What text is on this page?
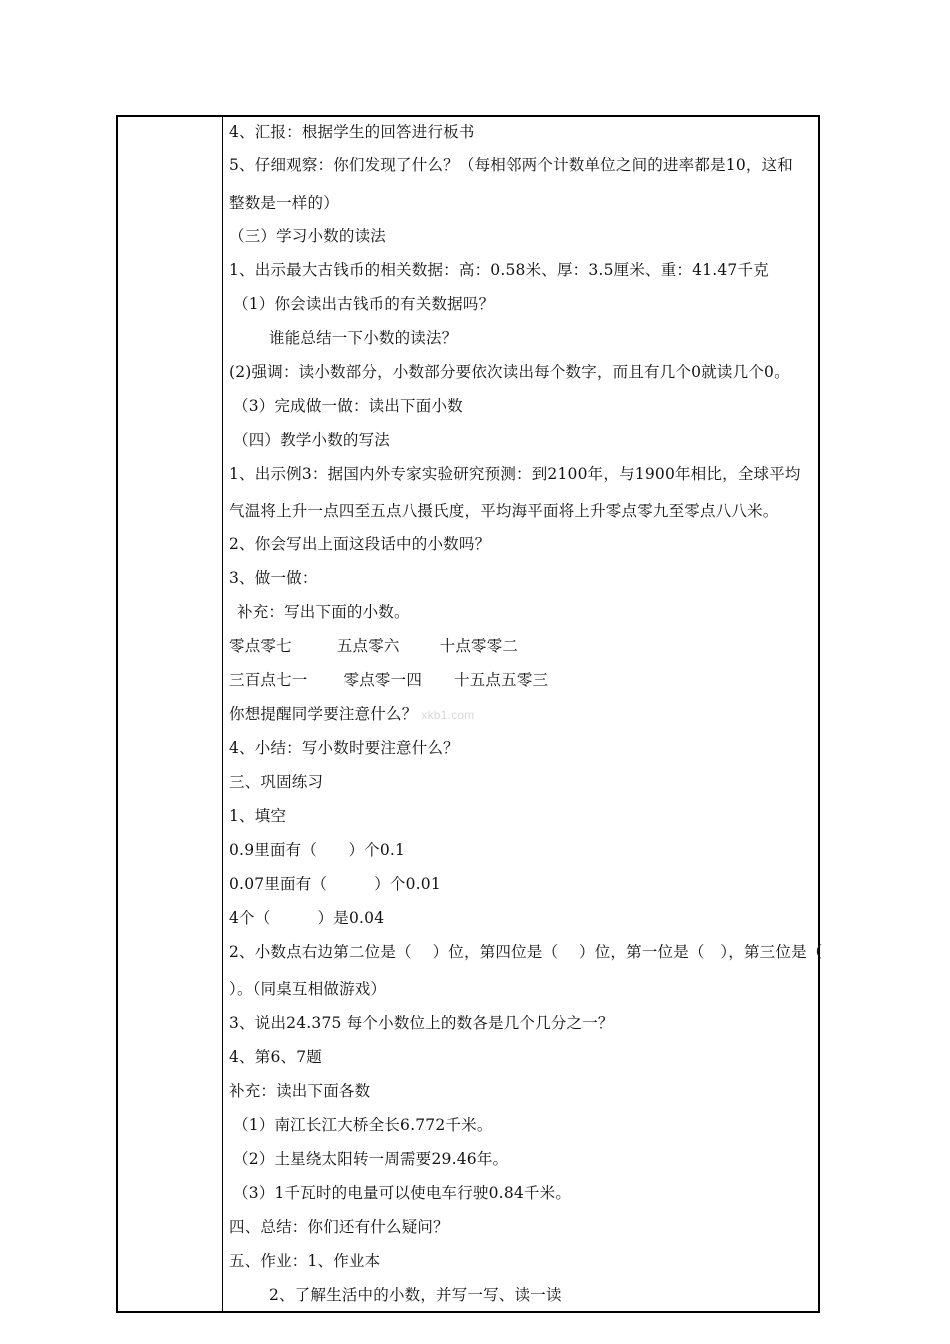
4、汇报：根据学生的回答进行板书
5、仔细观察：你们发现了什么？（每相邻两个计数单位之间的进率都是10，这和
整数是一样的）
（三）学习小数的读法
1、出示最大古钱币的相关数据：高：0.58米、厚：3.5厘米、重：41.47千克
（1）你会读出古钱币的有关数据吗？
谁能总结一下小数的读法？
(2)强调：读小数部分，小数部分要依次读出每个数字，而且有几个0就读几个0。
（3）完成做一做：读出下面小数
（四）教学小数的写法
1、出示例3：据国内外专家实验研究预测：到2100年，与1900年相比，全球平均
气温将上升一点四至五点八摄氏度，平均海平面将上升零点零九至零点八八米。
2、你会写出上面这段话中的小数吗？
3、做一做：
补充：写出下面的小数。
零点零七	五点零六	十点零零二
三百点七一 零点零一四 十五点五零三
你想提醒同学要注意什么？ xkb1.com
4、小结：写小数时要注意什么？
三、巩固练习
1、填空
0.9里面有（　　）个0.1
0.07里面有（　　　）个0.01
4个（　　　）是0.04
2、小数点右边第二位是（　 ）位，第四位是（　 ）位，第一位是（　），第三位是（
）。（同桌互相做游戏）
3、说出24.375 每个小数位上的数各是几个几分之一？
4、第6、7题
补充：读出下面各数
（1）南江长江大桥全长6.772千米。
（2）土星绕太阳转一周需要29.46年。
（3）1千瓦时的电量可以使电车行驶0.84千米。
四、总结：你们还有什么疑问？
五、作业：1、作业本
2、了解生活中的小数，并写一写、读一读
